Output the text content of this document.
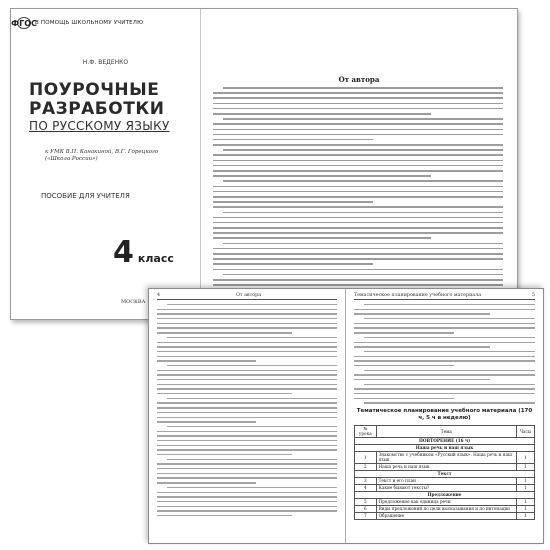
ФГОС
В ПОМОЩЬ ШКОЛЬНОМУ УЧИТЕЛЮ
Н.Ф. ВЕДЕНКО
ПОУРОЧНЫЕ
РАЗРАБОТКИ
ПО РУССКОМУ ЯЗЫКУ
к УМК В.П. Канакиной, В.Г. Горецкого («Школа России»)
ПОСОБИЕ ДЛЯ УЧИТЕЛЯ
4 класс
МОСКВА
От автора
4	От автора	Тематическое планирование учебного материала	5
Тематическое планирование учебного материала (170 ч, 5 ч в неделю)
№ урока	Тема	Часы
ПОВТОРЕНИЕ (16 ч)		
Наша речь и наш язык		
1	Знакомство с учебником «Русский язык». Наша речь и наш язык	1
2	Наша речь и наш язык	1
Текст		
3	Текст и его план	1
4	Какие бывают тексты?	1
Предложение		
5	Предложение как единица речи	1
6	Виды предложений по цели высказывания и по интонации	1
7	Обращение	1
